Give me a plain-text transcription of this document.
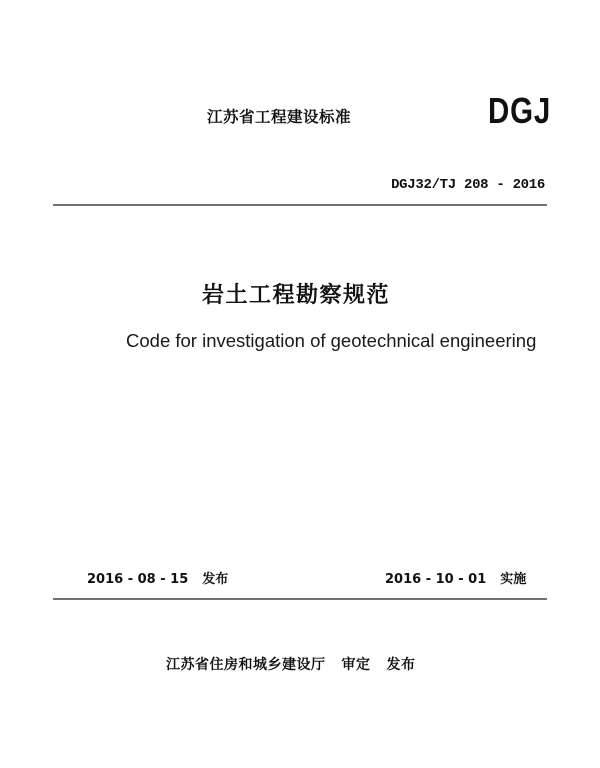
江苏省工程建设标准	DGJ
DGJ32/TJ 208 - 2016
岩土工程勘察规范
Code for investigation of geotechnical engineering
2016 - 08 - 15 发布	2016 - 10 - 01 实施
江苏省住房和城乡建设厅 审定 发布
